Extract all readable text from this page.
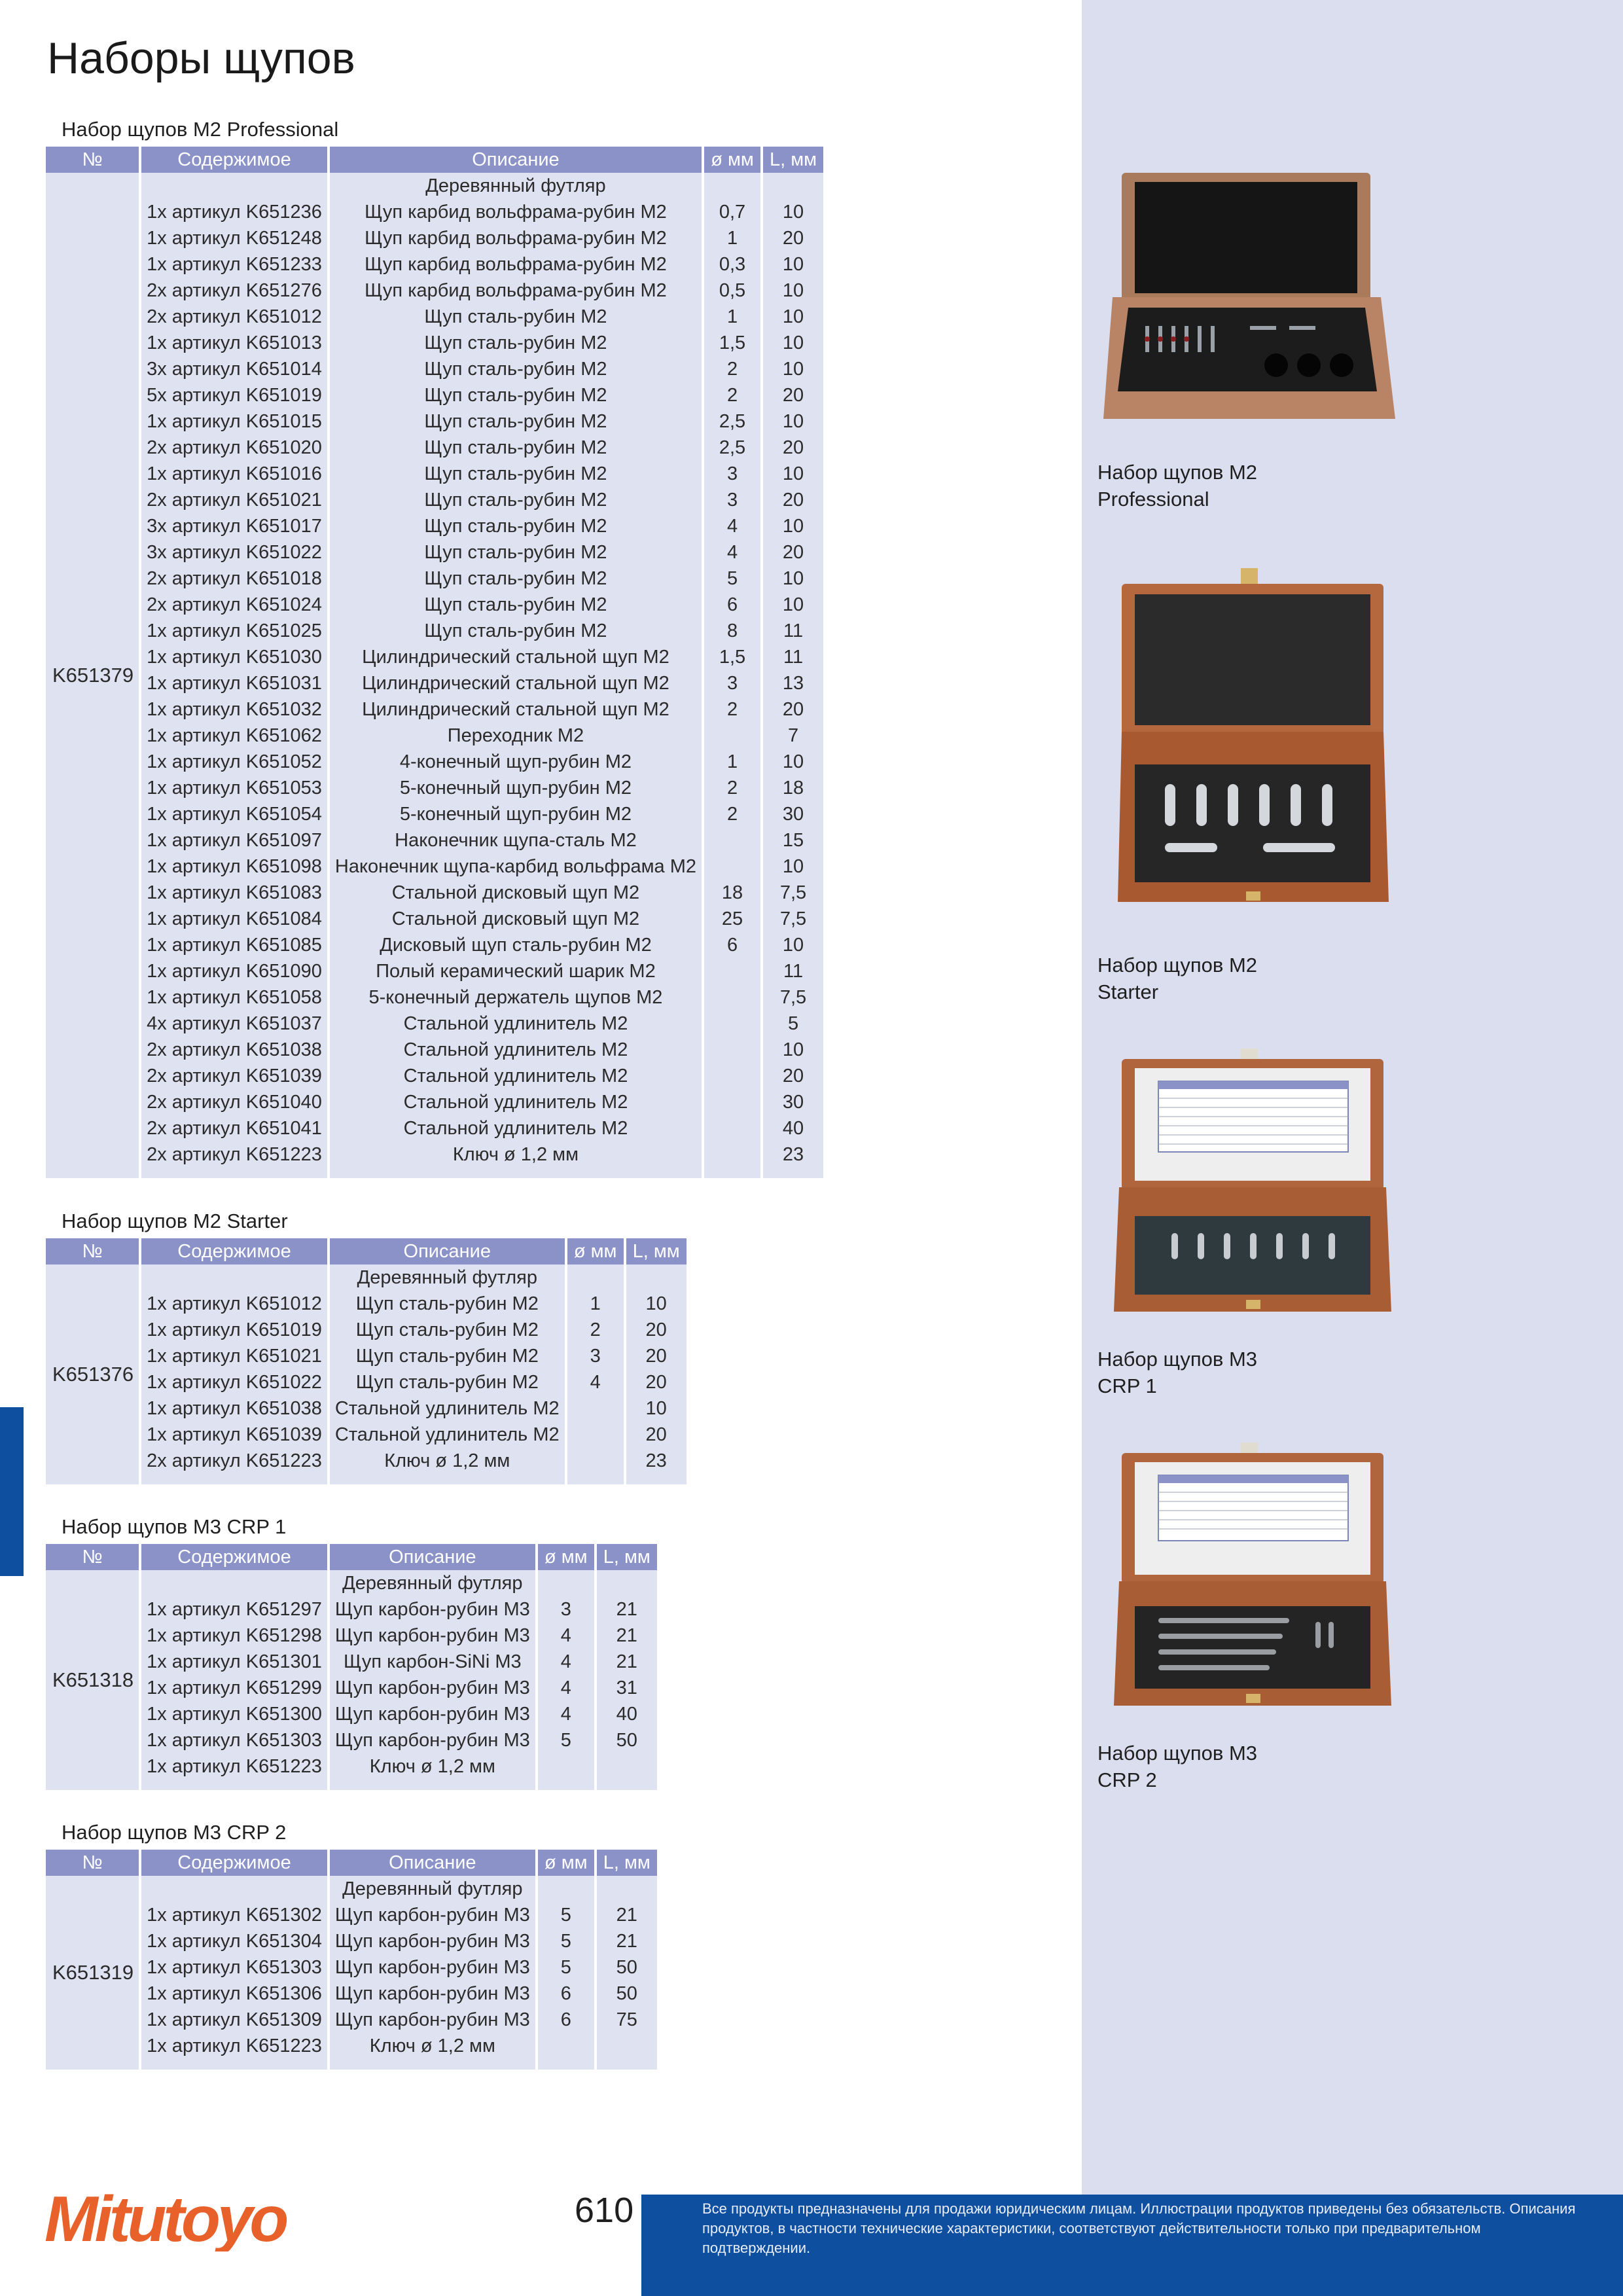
Наборы щупов
Набор щупов М2 Professional
№	Содержимое	Описание	ø мм	L, мм
K651379		Деревянный футляр		
	1x артикул K651236	Щуп карбид вольфрама-рубин М2	0,7	10
	1x артикул K651248	Щуп карбид вольфрама-рубин М2	1	20
	1x артикул K651233	Щуп карбид вольфрама-рубин М2	0,3	10
	2x артикул K651276	Щуп карбид вольфрама-рубин М2	0,5	10
	2x артикул K651012	Щуп сталь-рубин М2	1	10
	1x артикул K651013	Щуп сталь-рубин М2	1,5	10
	3x артикул K651014	Щуп сталь-рубин М2	2	10
	5x артикул K651019	Щуп сталь-рубин М2	2	20
	1x артикул K651015	Щуп сталь-рубин М2	2,5	10
	2x артикул K651020	Щуп сталь-рубин М2	2,5	20
	1x артикул K651016	Щуп сталь-рубин М2	3	10
	2x артикул K651021	Щуп сталь-рубин М2	3	20
	3x артикул K651017	Щуп сталь-рубин М2	4	10
	3x артикул K651022	Щуп сталь-рубин М2	4	20
	2x артикул K651018	Щуп сталь-рубин М2	5	10
	2x артикул K651024	Щуп сталь-рубин М2	6	10
	1x артикул K651025	Щуп сталь-рубин М2	8	11
	1x артикул K651030	Цилиндрический стальной щуп М2	1,5	11
	1x артикул K651031	Цилиндрический стальной щуп М2	3	13
	1x артикул K651032	Цилиндрический стальной щуп М2	2	20
	1x артикул K651062	Переходник М2		7
	1x артикул K651052	4-конечный щуп-рубин М2	1	10
	1x артикул K651053	5-конечный щуп-рубин М2	2	18
	1x артикул K651054	5-конечный щуп-рубин М2	2	30
	1x артикул K651097	Наконечник щупа-сталь М2		15
	1x артикул K651098	Наконечник щупа-карбид вольфрама М2		10
	1x артикул K651083	Стальной дисковый щуп М2	18	7,5
	1x артикул K651084	Стальной дисковый щуп М2	25	7,5
	1x артикул K651085	Дисковый щуп сталь-рубин М2	6	10
	1x артикул K651090	Полый керамический шарик М2		11
	1x артикул K651058	5-конечный держатель щупов М2		7,5
	4x артикул K651037	Стальной удлинитель М2		5
	2x артикул K651038	Стальной удлинитель М2		10
	2x артикул K651039	Стальной удлинитель М2		20
	2x артикул K651040	Стальной удлинитель М2		30
	2x артикул K651041	Стальной удлинитель М2		40
	2x артикул K651223	Ключ ø 1,2 мм		23

Набор щупов М2 Starter
№	Содержимое	Описание	ø мм	L, мм
K651376		Деревянный футляр		
	1x артикул K651012	Щуп сталь-рубин М2	1	10
	1x артикул K651019	Щуп сталь-рубин М2	2	20
	1x артикул K651021	Щуп сталь-рубин М2	3	20
	1x артикул K651022	Щуп сталь-рубин М2	4	20
	1x артикул K651038	Стальной удлинитель М2		10
	1x артикул K651039	Стальной удлинитель М2		20
	2x артикул K651223	Ключ ø 1,2 мм		23

Набор щупов М3 CRP 1
№	Содержимое	Описание	ø мм	L, мм
K651318		Деревянный футляр		
	1x артикул K651297	Щуп карбон-рубин М3	3	21
	1x артикул K651298	Щуп карбон-рубин М3	4	21
	1x артикул K651301	Щуп карбон-SiNi М3	4	21
	1x артикул K651299	Щуп карбон-рубин М3	4	31
	1x артикул K651300	Щуп карбон-рубин М3	4	40
	1x артикул K651303	Щуп карбон-рубин М3	5	50
	1x артикул K651223	Ключ ø 1,2 мм		

Набор щупов М3 CRP 2
№	Содержимое	Описание	ø мм	L, мм
K651319		Деревянный футляр		
	1x артикул K651302	Щуп карбон-рубин М3	5	21
	1x артикул K651304	Щуп карбон-рубин М3	5	21
	1x артикул K651303	Щуп карбон-рубин М3	5	50
	1x артикул K651306	Щуп карбон-рубин М3	6	50
	1x артикул K651309	Щуп карбон-рубин М3	6	75
	1x артикул K651223	Ключ ø 1,2 мм		

Набор щупов M2
Professional
Набор щупов M2
Starter
Набор щупов M3
CRP 1
Набор щупов M3
CRP 2
Mitutoyo	610	Все продукты предназначены для продажи юридическим лицам. Иллюстрации продуктов приведены без обязательств. Описания продуктов, в частности технические характеристики, соответствуют действительности только при предварительном подтверждении.
